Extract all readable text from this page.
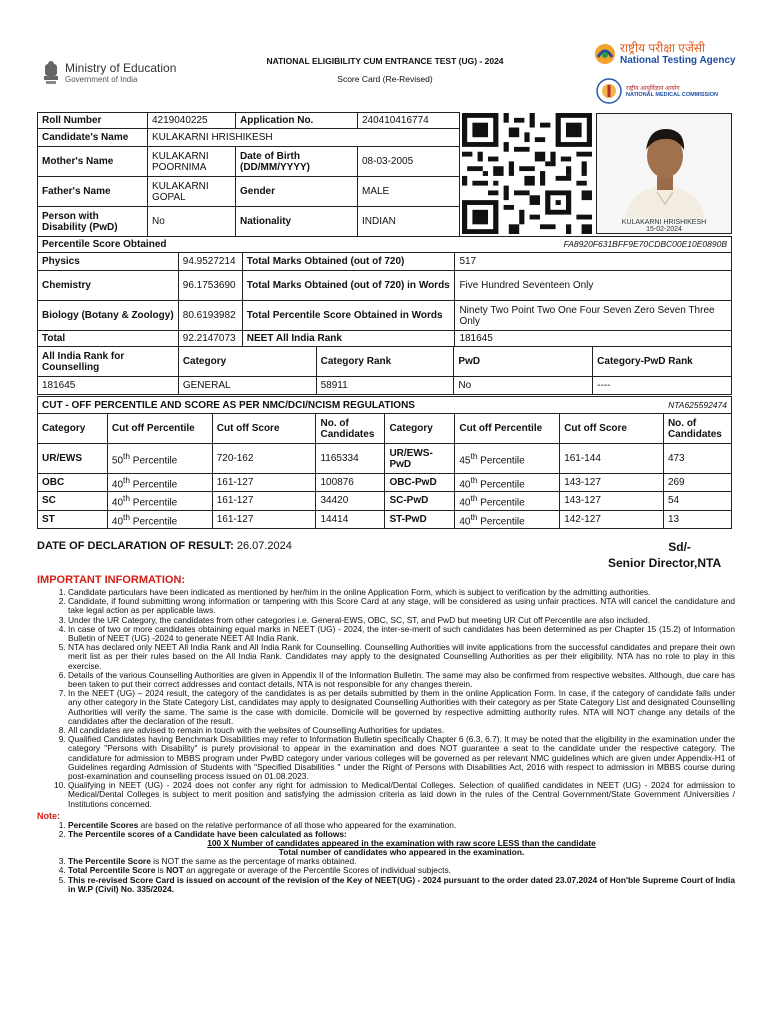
Ministry of Education
Government of India
NATIONAL ELIGIBILITY CUM ENTRANCE TEST (UG) - 2024
Score Card (Re-Revised)
राष्ट्रीय परीक्षा एजेंसी
National Testing Agency
राष्ट्रीय आयुर्विज्ञान आयोग
NATIONAL MEDICAL COMMISSION
Roll Number	4219040225	Application No.	240410416774
Candidate's Name	KULAKARNI HRISHIKESH		
Mother's Name	KULAKARNI POORNIMA	Date of Birth (DD/MM/YYYY)	08-03-2005
Father's Name	KULAKARNI GOPAL	Gender	MALE
Person with Disability (PwD)	No	Nationality	INDIAN	KULAKARNI HRISHIKESH
15-02-2024
Percentile Score Obtained		FA8920F631BFF9E70CDBC00E10E0890B	
Physics	94.9527214	Total Marks Obtained (out of 720)	517
Chemistry	96.1753690	Total Marks Obtained (out of 720) in Words	Five Hundred Seventeen Only
Biology (Botany & Zoology)	80.6193982	Total Percentile Score Obtained in Words	Ninety Two Point Two One Four Seven Zero Seven Three Only
Total	92.2147073	NEET All India Rank	181645
All India Rank for Counselling	Category	Category Rank	PwD	Category-PwD Rank
181645	GENERAL	58911	No	----
CUT - OFF PERCENTILE AND SCORE AS PER NMC/DCI/NCISM REGULATIONS						NTA625592474	
Category	Cut off Percentile	Cut off Score	No. of Candidates	Category	Cut off Percentile	Cut off Score	No. of Candidates
UR/EWS	50th Percentile	720-162	1165334	UR/EWS-PwD	45th Percentile	161-144	473
OBC	40th Percentile	161-127	100876	OBC-PwD	40th Percentile	143-127	269
SC	40th Percentile	161-127	34420	SC-PwD	40th Percentile	143-127	54
ST	40th Percentile	161-127	14414	ST-PwD	40th Percentile	142-127	13
DATE OF DECLARATION OF RESULT: 26.07.2024	Sd/-
Senior Director,NTA
IMPORTANT INFORMATION:
1. Candidate particulars have been indicated as mentioned by her/him in the online Application Form, which is subject to verification by the admitting authorities.
2. Candidate, if found submitting wrong information or tampering with this Score Card at any stage, will be considered as using unfair practices. NTA will cancel the candidature and take legal action as per applicable laws.
3. Under the UR Category, the candidates from other categories i.e. General-EWS, OBC, SC, ST, and PwD but meeting UR Cut off Percentile are also included.
4. In case of two or more candidates obtaining equal marks in NEET (UG) - 2024, the inter-se-merit of such candidates has been determined as per Chapter 15 (15.2) of Information Bulletin of NEET (UG) -2024 to generate NEET All India Rank.
5. NTA has declared only NEET All India Rank and All India Rank for Counselling. Counselling Authorities will invite applications from the successful candidates and prepare their own merit list as per their rules based on the All India Rank. Candidates may apply to the designated Counselling Authorities as per their eligibility. NTA has no role to play in this exercise.
6. Details of the various Counselling Authorities are given in Appendix II of the Information Bulletin. The same may also be confirmed from respective websites. Although, due care has been taken to put their correct addresses and contact details, NTA is not responsible for any changes therein.
7. In the NEET (UG) – 2024 result, the category of the candidates is as per details submitted by them in the online Application Form. In case, if the category of candidate falls under any other category in the State Category List, candidates may apply to designated Counselling Authorities with their category as per State Category List and designated Counselling Authorities will verify the same. The same is the case with domicile. Domicile will be governed by respective admitting authority rules. NTA will NOT change any details of the candidates after the declaration of the result.
8. All candidates are advised to remain in touch with the websites of Counselling Authorities for updates.
9. Qualified Candidates having Benchmark Disabilities may refer to Information Bulletin specifically Chapter 6 (6.3, 6.7). It may be noted that the eligibility in the examination under the category "Persons with Disability" is purely provisional to appear in the examination and does NOT guarantee a seat to the candidate under the respective category. The candidature for admission to MBBS program under PwBD category under various colleges will be governed as per relevant NMC guidelines which are given under Appendix-H1 of Guidelines regarding Admission of Students with "Specified Disabilities " under the Right of Persons with Disabilities Act, 2016 with respect to admission in MBBS course during post-examination and counselling process issued on 01.08.2023.
10. Qualifying in NEET (UG) - 2024 does not confer any right for admission to Medical/Dental Colleges. Selection of qualified candidates in NEET (UG) - 2024 for admission to Medical/Dental Colleges is subject to merit position and satisfying the admission criteria as laid down in the rules of the Central Government/State Government /Universities / Institutions concerned.
Note:
1. Percentile Scores are based on the relative performance of all those who appeared for the examination.
2. The Percentile scores of a Candidate have been calculated as follows:
100 X Number of candidates appeared in the examination with raw score LESS than the candidate
Total number of candidates who appeared in the examination.
3. The Percentile Score is NOT the same as the percentage of marks obtained.
4. Total Percentile Score is NOT an aggregate or average of the Percentile Scores of individual subjects.
5. This re-revised Score Card is issued on account of the revision of the Key of NEET(UG) - 2024 pursuant to the order dated 23.07.2024 of Hon'ble Supreme Court of India in W.P (Civil) No. 335/2024.
